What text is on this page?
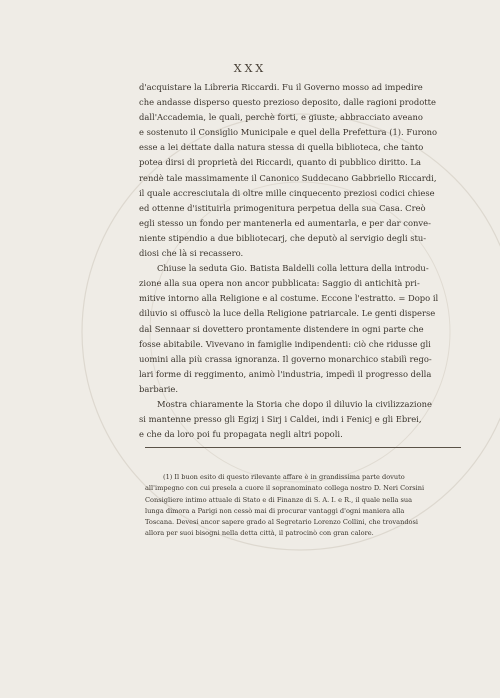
XXX
d'acquistare la Libreria Riccardi. Fu il Governo mosso ad impedire
che andasse disperso questo prezioso deposito, dalle ragioni prodotte
dall'Accademia, le quali, perchè forti, e giuste, abbracciato aveano
e sostenuto il Consiglio Municipale e quel della Prefettura (1). Furono
esse a lei dettate dalla natura stessa di quella biblioteca, che tanto
potea dirsi di proprietà dei Riccardi, quanto di pubblico diritto. La
rendè tale massimamente il Canonico Suddecano Gabbriello Riccardi,
il quale accresciutala di oltre mille cinquecento preziosi codici chiese
ed ottenne d'istituirla primogenitura perpetua della sua Casa. Creò
egli stesso un fondo per mantenerla ed aumentarla, e per dar conve-
niente stipendio a due bibliotecarj, che deputò al servigio degli stu-
diosi che là si recassero.
Chiuse la seduta Gio. Batista Baldelli colla lettura della introdu-
zione alla sua opera non ancor pubblicata: Saggio di antichità pri-
mitive intorno alla Religione e al costume. Eccone l'estratto. = Dopo il
diluvio si offuscò la luce della Religione patriarcale. Le genti disperse
dal Sennaar si dovettero prontamente distendere in ogni parte che
fosse abitabile. Vivevano in famiglie indipendenti: ciò che ridusse gli
uomini alla più crassa ignoranza. Il governo monarchico stabilì rego-
lari forme di reggimento, animò l'industria, impedì il progresso della
barbarie.
Mostra chiaramente la Storia che dopo il diluvio la civilizzazione
si mantenne presso gli Egizj i Sirj i Caldei, indi i Fenicj e gli Ebrei,
e che da loro poi fu propagata negli altri popoli.
(1) Il buon esito di questo rilevante affare è in grandissima parte dovuto
all'impegno con cui presela a cuore il sopranominato collega nostro D. Neri Corsini
Consigliere intimo attuale di Stato e di Finanze di S. A. I. e R., il quale nella sua
lunga dimora a Parigi non cessò mai di procurar vantaggi d'ogni maniera alla
Toscana. Devesi ancor sapere grado al Segretario Lorenzo Collini, che trovandosi
allora per suoi bisogni nella detta città, il patrocinò con gran calore.
